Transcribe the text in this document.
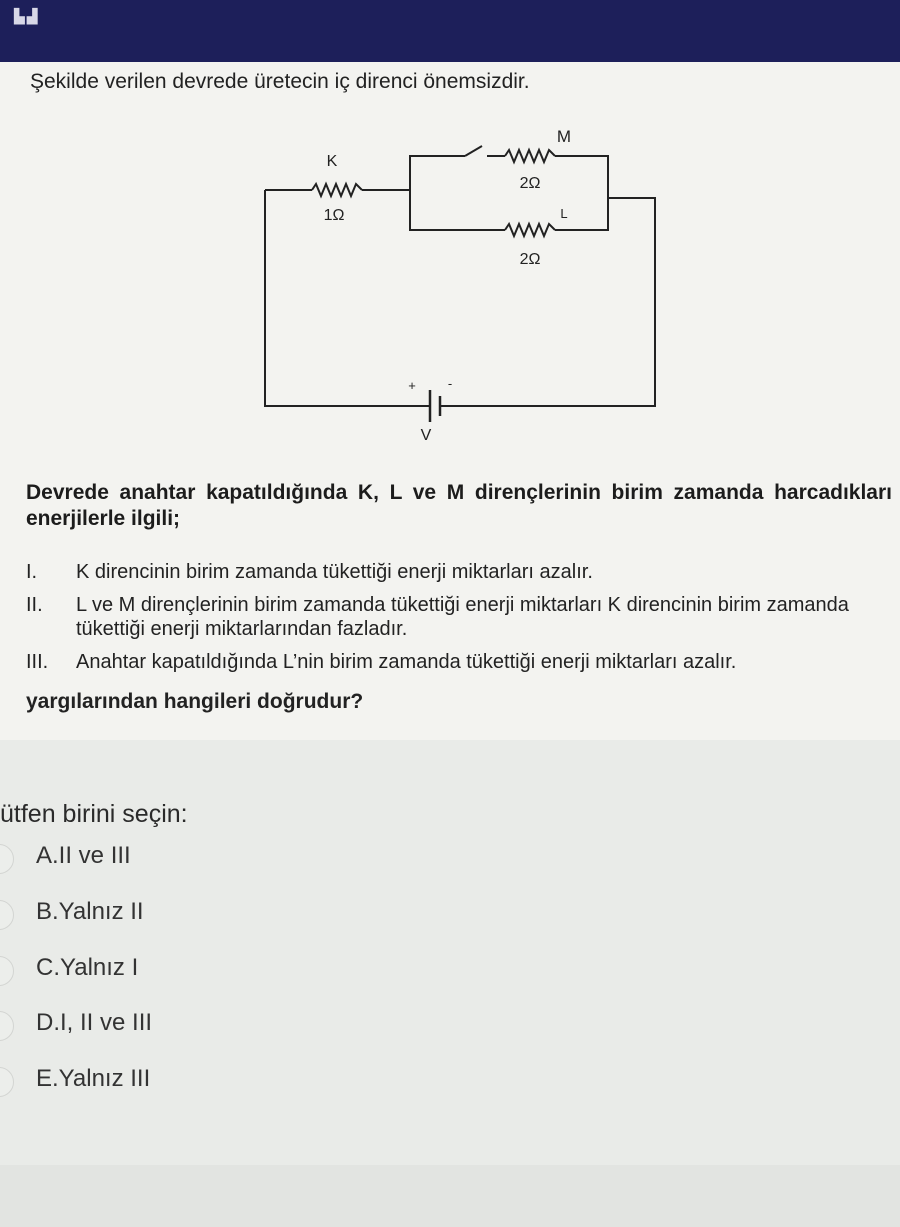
▙▟
Şekilde verilen devrede üretecin iç direnci önemsizdir.
K
1Ω
M
2Ω
L
2Ω
+ -
V
Devrede anahtar kapatıldığında K, L ve M dirençlerinin birim zamanda harcadıkları enerjilerle ilgili;
I. K direncinin birim zamanda tükettiği enerji miktarları azalır.
II. L ve M dirençlerinin birim zamanda tükettiği enerji miktarları K direncinin birim zamanda tükettiği enerji miktarlarından fazladır.
III. Anahtar kapatıldığında L’nin birim zamanda tükettiği enerji miktarları azalır.
yargılarından hangileri doğrudur?
ütfen birini seçin:
A.II ve III
B.Yalnız II
C.Yalnız I
D.I, II ve III
E.Yalnız III
